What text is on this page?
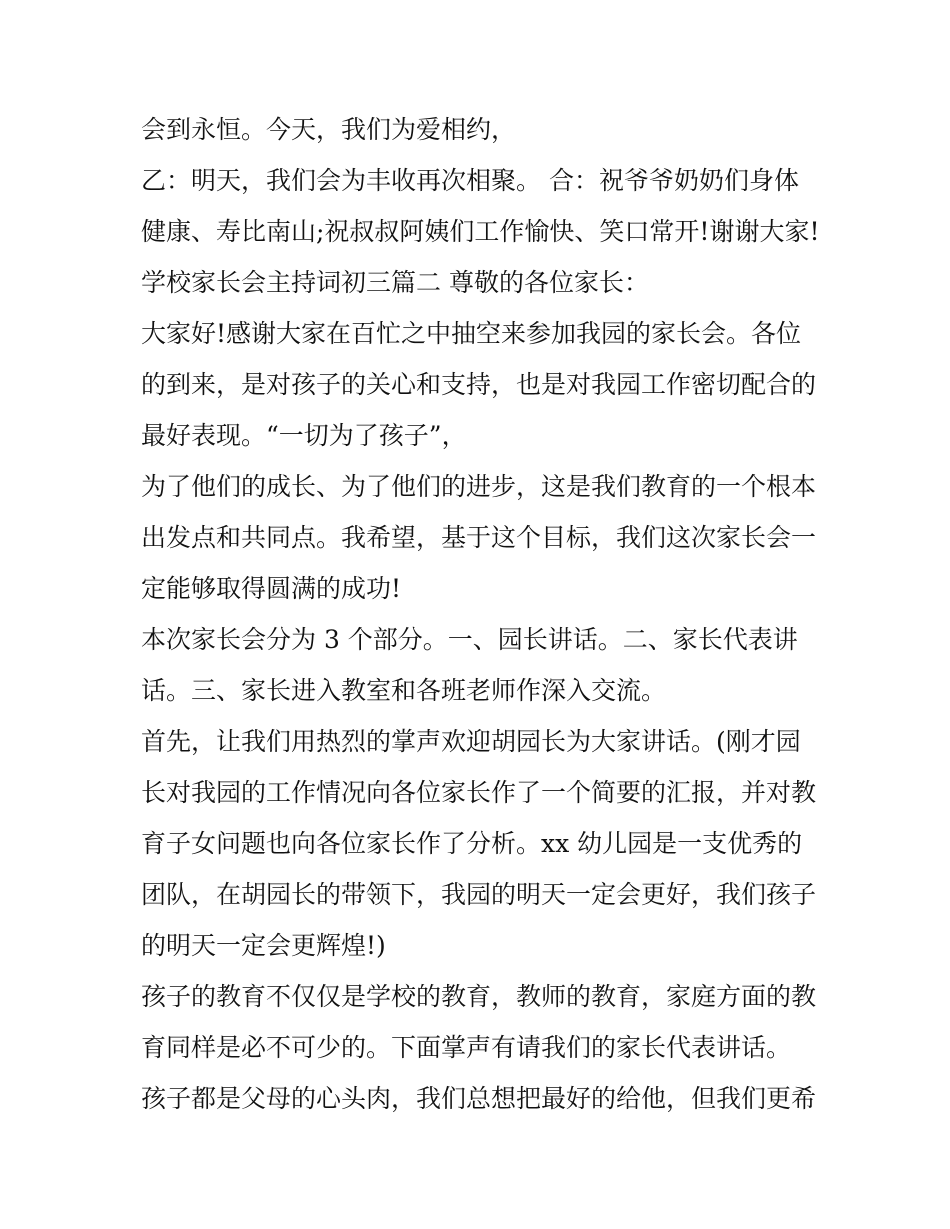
会到永恒。今天，我们为爱相约，

乙：明天，我们会为丰收再次相聚。 合：祝爷爷奶奶们身体

健康、寿比南山;祝叔叔阿姨们工作愉快、笑口常开!谢谢大家!

学校家长会主持词初三篇二 尊敬的各位家长：

大家好!感谢大家在百忙之中抽空来参加我园的家长会。各位

的到来，是对孩子的关心和支持，也是对我园工作密切配合的

最好表现。“一切为了孩子”，

为了他们的成长、为了他们的进步，这是我们教育的一个根本

出发点和共同点。我希望，基于这个目标，我们这次家长会一

定能够取得圆满的成功!

本次家长会分为 3 个部分。一、园长讲话。二、家长代表讲

话。三、家长进入教室和各班老师作深入交流。

首先，让我们用热烈的掌声欢迎胡园长为大家讲话。(刚才园

长对我园的工作情况向各位家长作了一个简要的汇报，并对教

育子女问题也向各位家长作了分析。xx 幼儿园是一支优秀的

团队，在胡园长的带领下，我园的明天一定会更好，我们孩子

的明天一定会更辉煌!)

孩子的教育不仅仅是学校的教育，教师的教育，家庭方面的教

育同样是必不可少的。下面掌声有请我们的家长代表讲话。

孩子都是父母的心头肉，我们总想把最好的给他，但我们更希
